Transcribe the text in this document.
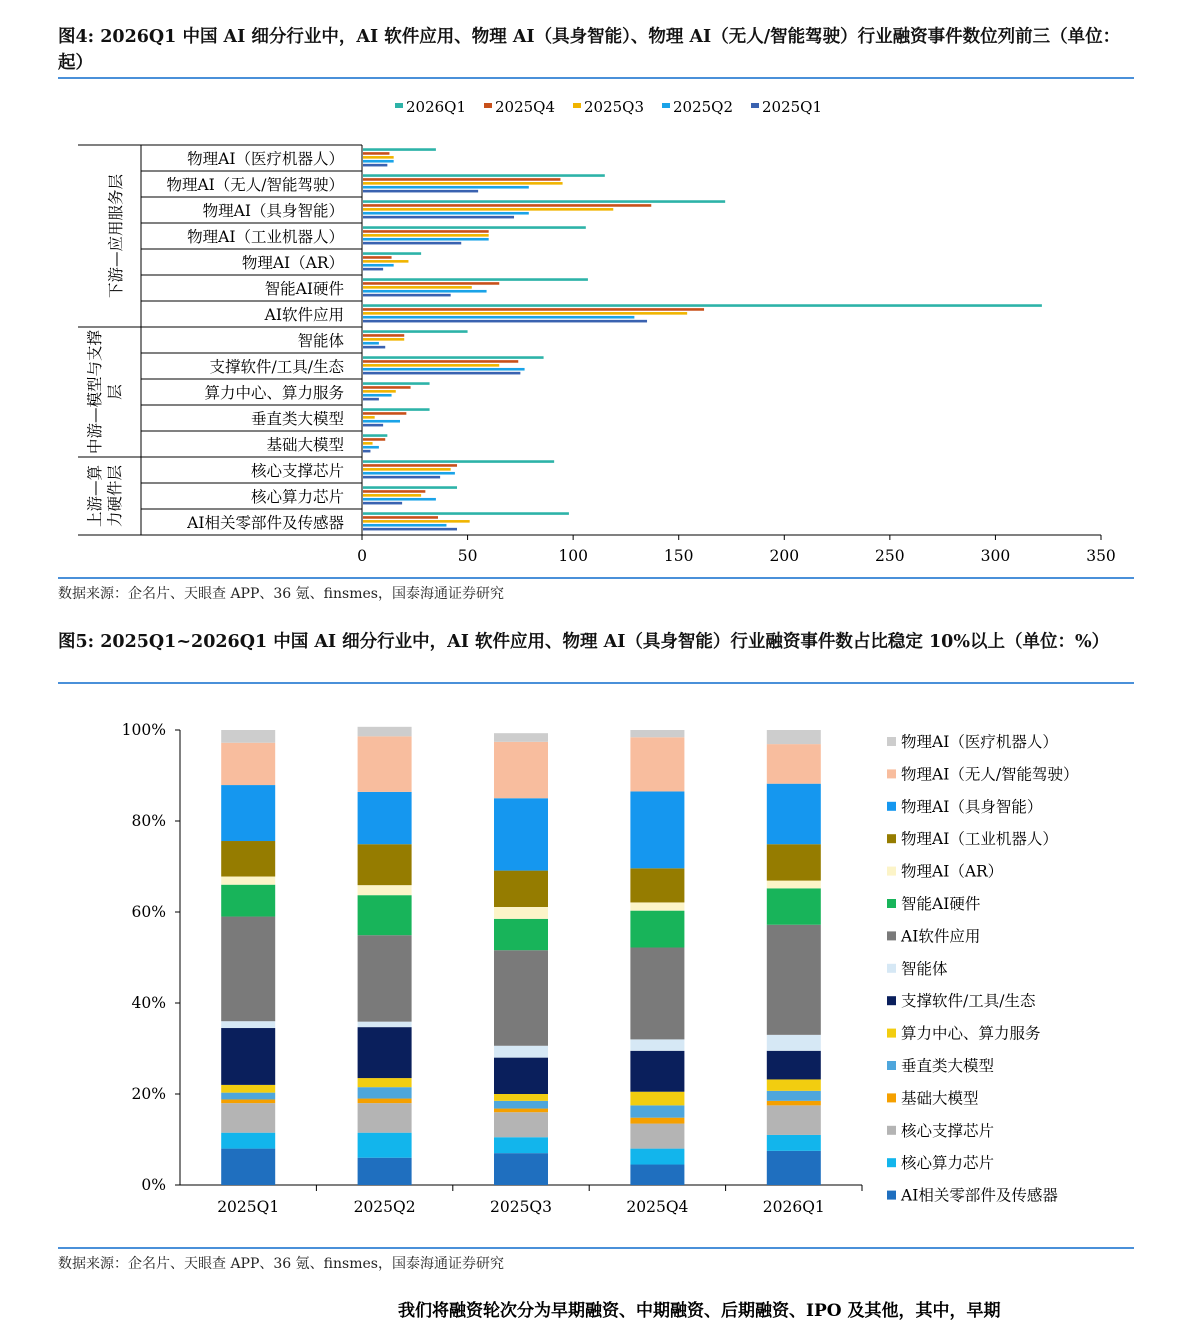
图4: 2026Q1 中国 AI 细分行业中，AI 软件应用、物理 AI（具身智能）、物理 AI（无人/智能驾驶）行业融资事件数位列前三（单位：起）
2026Q1 2025Q4 2025Q3 2025Q2 2025Q1
物理AI（医疗机器人）
物理AI（无人/智能驾驶）
物理AI（具身智能）
物理AI（工业机器人）
物理AI（AR）
智能AI硬件
AI软件应用
智能体
支撑软件/工具/生态
算力中心、算力服务
垂直类大模型
基础大模型
核心支撑芯片
核心算力芯片
AI相关零部件及传感器
下游—应用服务层
中游—模型与支撑 层
上游—算 力硬件层
0	50	100	150	200	250	300	350
数据来源：企名片、天眼查 APP、36 氪、finsmes，国泰海通证券研究
图5: 2025Q1~2026Q1 中国 AI 细分行业中，AI 软件应用、物理 AI（具身智能）行业融资事件数占比稳定 10%以上（单位：%）
0%
20%
40%
60%
80%
100%
2025Q1	2025Q2	2025Q3	2025Q4	2026Q1
物理AI（医疗机器人）
物理AI（无人/智能驾驶）
物理AI（具身智能）
物理AI（工业机器人）
物理AI（AR）
智能AI硬件
AI软件应用
智能体
支撑软件/工具/生态
算力中心、算力服务
垂直类大模型
基础大模型
核心支撑芯片
核心算力芯片
AI相关零部件及传感器
数据来源：企名片、天眼查 APP、36 氪、finsmes，国泰海通证券研究
我们将融资轮次分为早期融资、中期融资、后期融资、IPO 及其他，其中，早期
